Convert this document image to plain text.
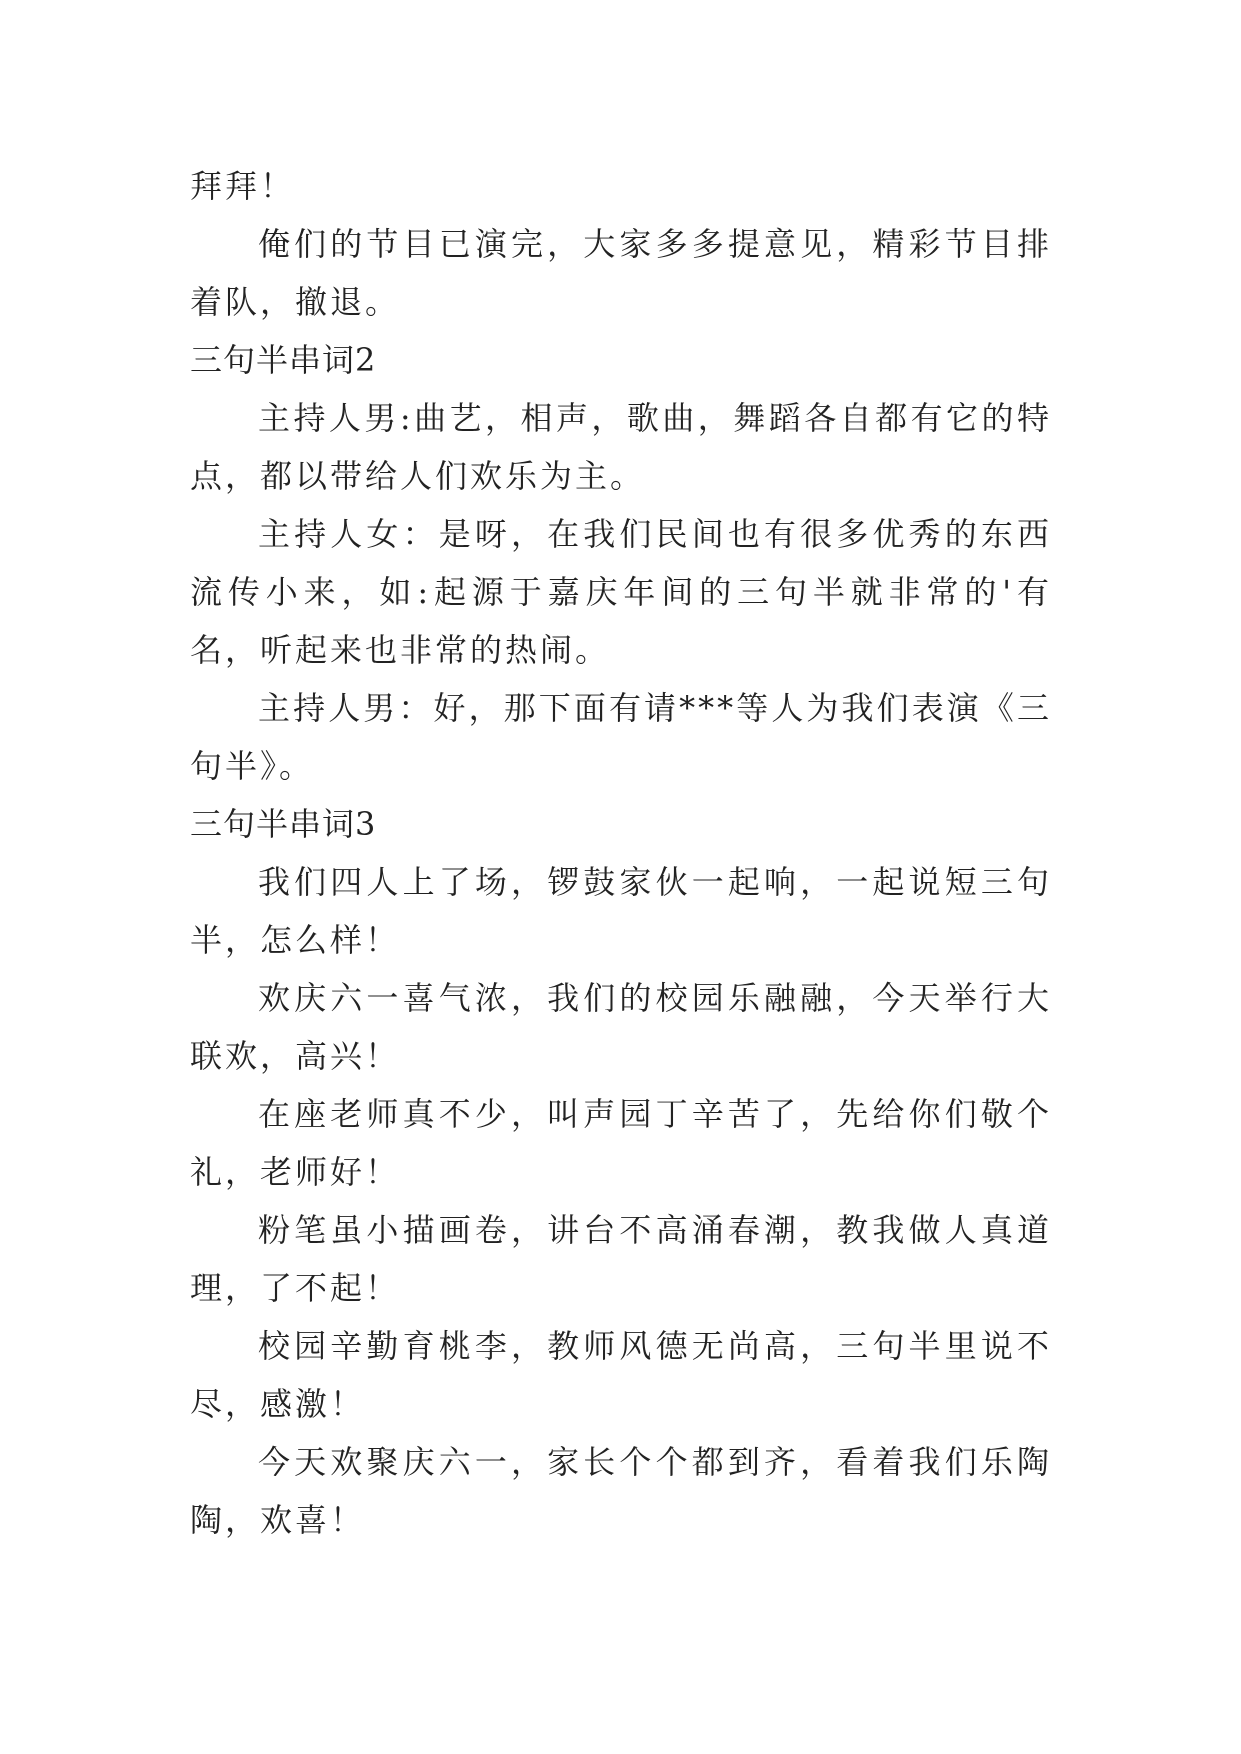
拜拜！

俺们的节目已演完，大家多多提意见，精彩节目排着队，撤退。

三句半串词2

主持人男:曲艺，相声，歌曲，舞蹈各自都有它的特点，都以带给人们欢乐为主。

主持人女：是呀，在我们民间也有很多优秀的东西流传小来，如:起源于嘉庆年间的三句半就非常的'有名，听起来也非常的热闹。

主持人男：好，那下面有请***等人为我们表演《三句半》。

三句半串词3

我们四人上了场，锣鼓家伙一起响，一起说短三句半，怎么样！

欢庆六一喜气浓，我们的校园乐融融，今天举行大联欢，高兴！

在座老师真不少，叫声园丁辛苦了，先给你们敬个礼，老师好！

粉笔虽小描画卷，讲台不高涌春潮，教我做人真道理，了不起！

校园辛勤育桃李，教师风德无尚高，三句半里说不尽，感激！

今天欢聚庆六一，家长个个都到齐，看着我们乐陶陶，欢喜！
